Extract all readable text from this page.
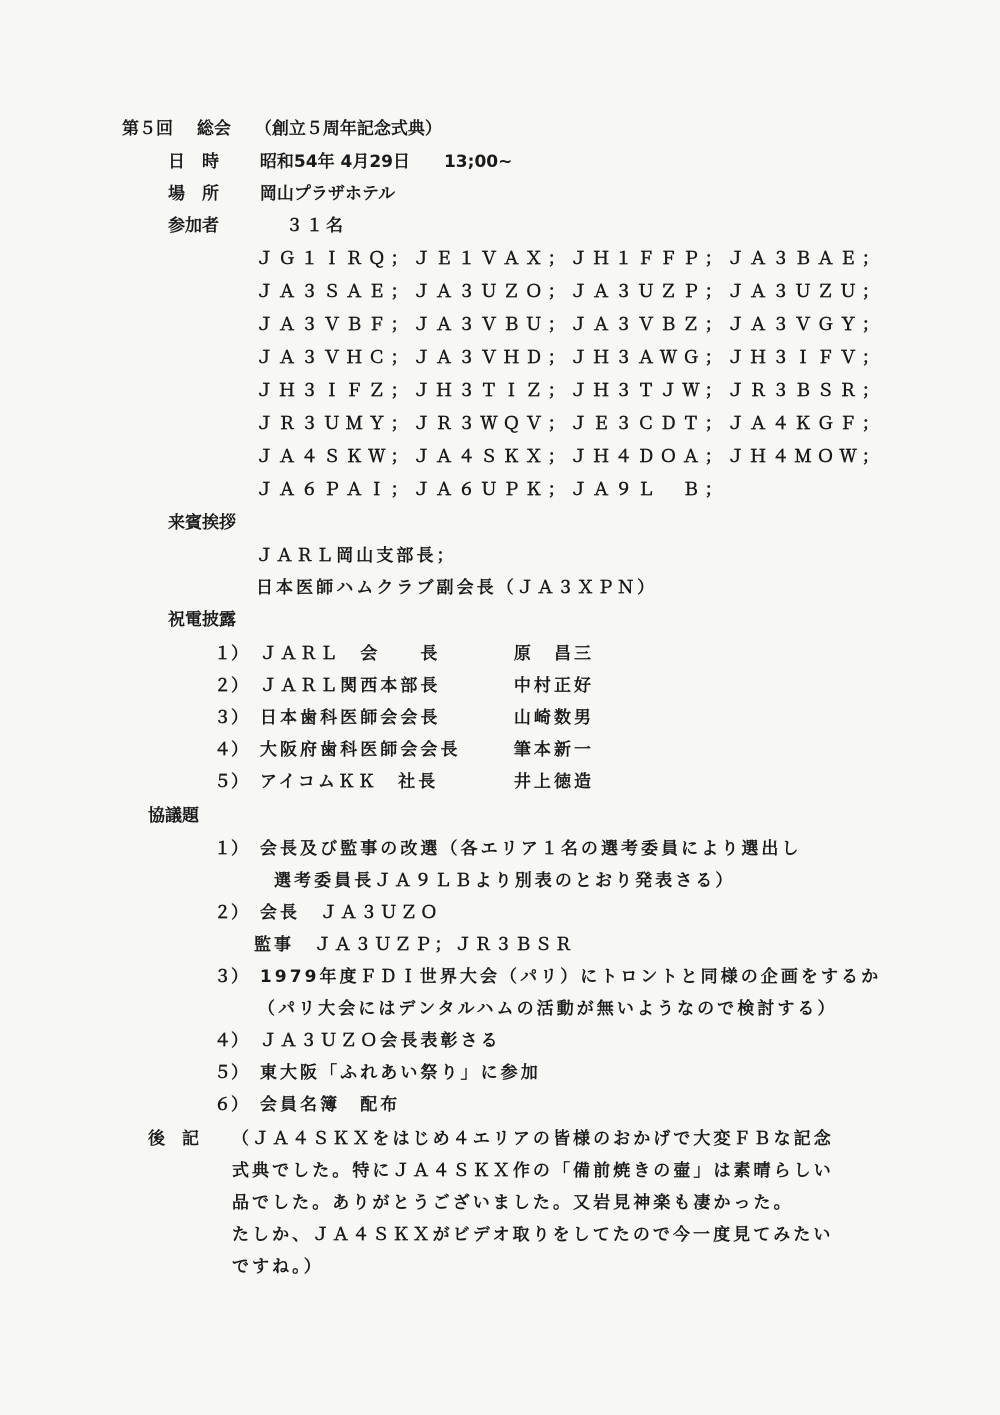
第５回 総会 （創立５周年記念式典）
日　時 昭和54年 4月29日　　13;00~
場　所 岡山プラザホテル
参加者	３１名
ＪＧ１ＩＲＱ；ＪＥ１ＶＡＸ；ＪＨ１ＦＦＰ；ＪＡ３ＢＡＥ；
ＪＡ３ＳＡＥ；ＪＡ３ＵＺＯ；ＪＡ３ＵＺＰ；ＪＡ３ＵＺＵ；
ＪＡ３ＶＢＦ；ＪＡ３ＶＢＵ；ＪＡ３ＶＢＺ；ＪＡ３ＶＧＹ；
ＪＡ３ＶＨＣ；ＪＡ３ＶＨＤ；ＪＨ３ＡＷＧ；ＪＨ３ＩＦＶ；
ＪＨ３ＩＦＺ；ＪＨ３ＴＩＺ；ＪＨ３ＴＪＷ；ＪＲ３ＢＳＲ；
ＪＲ３ＵＭＹ；ＪＲ３ＷＱＶ；ＪＥ３ＣＤＴ；ＪＡ４ＫＧＦ；
ＪＡ４ＳＫＷ；ＪＡ４ＳＫＸ；ＪＨ４ＤＯＡ；ＪＨ４ＭＯＷ；
ＪＡ６ＰＡＩ；ＪＡ６ＵＰＫ；ＪＡ９Ｌ　Ｂ；
来賓挨拶
ＪＡＲＬ岡山支部長；
日本医師ハムクラブ副会長（ＪＡ３ＸＰＮ）
祝電披露
１） ＪＡＲＬ　会　　長	原　昌三
２） ＪＡＲＬ関西本部長	中村正好
３） 日本歯科医師会会長	山崎数男
４） 大阪府歯科医師会会長	筆本新一
５） アイコムＫＫ　社長	井上徳造
協議題
１） 会長及び監事の改選（各エリア１名の選考委員により選出し
選考委員長ＪＡ９ＬＢより別表のとおり発表さる）
２） 会長　ＪＡ３ＵＺＯ
監事　ＪＡ３ＵＺＰ；ＪＲ３ＢＳＲ
３） 1979年度ＦＤＩ世界大会（パリ）にトロントと同様の企画をするか
（パリ大会にはデンタルハムの活動が無いようなので検討する）
４） ＪＡ３ＵＺＯ会長表彰さる
５） 東大阪「ふれあい祭り」に参加
６） 会員名簿　配布
後　記 （ＪＡ４ＳＫＸをはじめ４エリアの皆様のおかげで大変ＦＢな記念
式典でした。特にＪＡ４ＳＫＸ作の「備前焼きの壷」は素晴らしい
品でした。ありがとうございました。又岩見神楽も凄かった。
たしか、ＪＡ４ＳＫＸがビデオ取りをしてたので今一度見てみたい
ですね。）
